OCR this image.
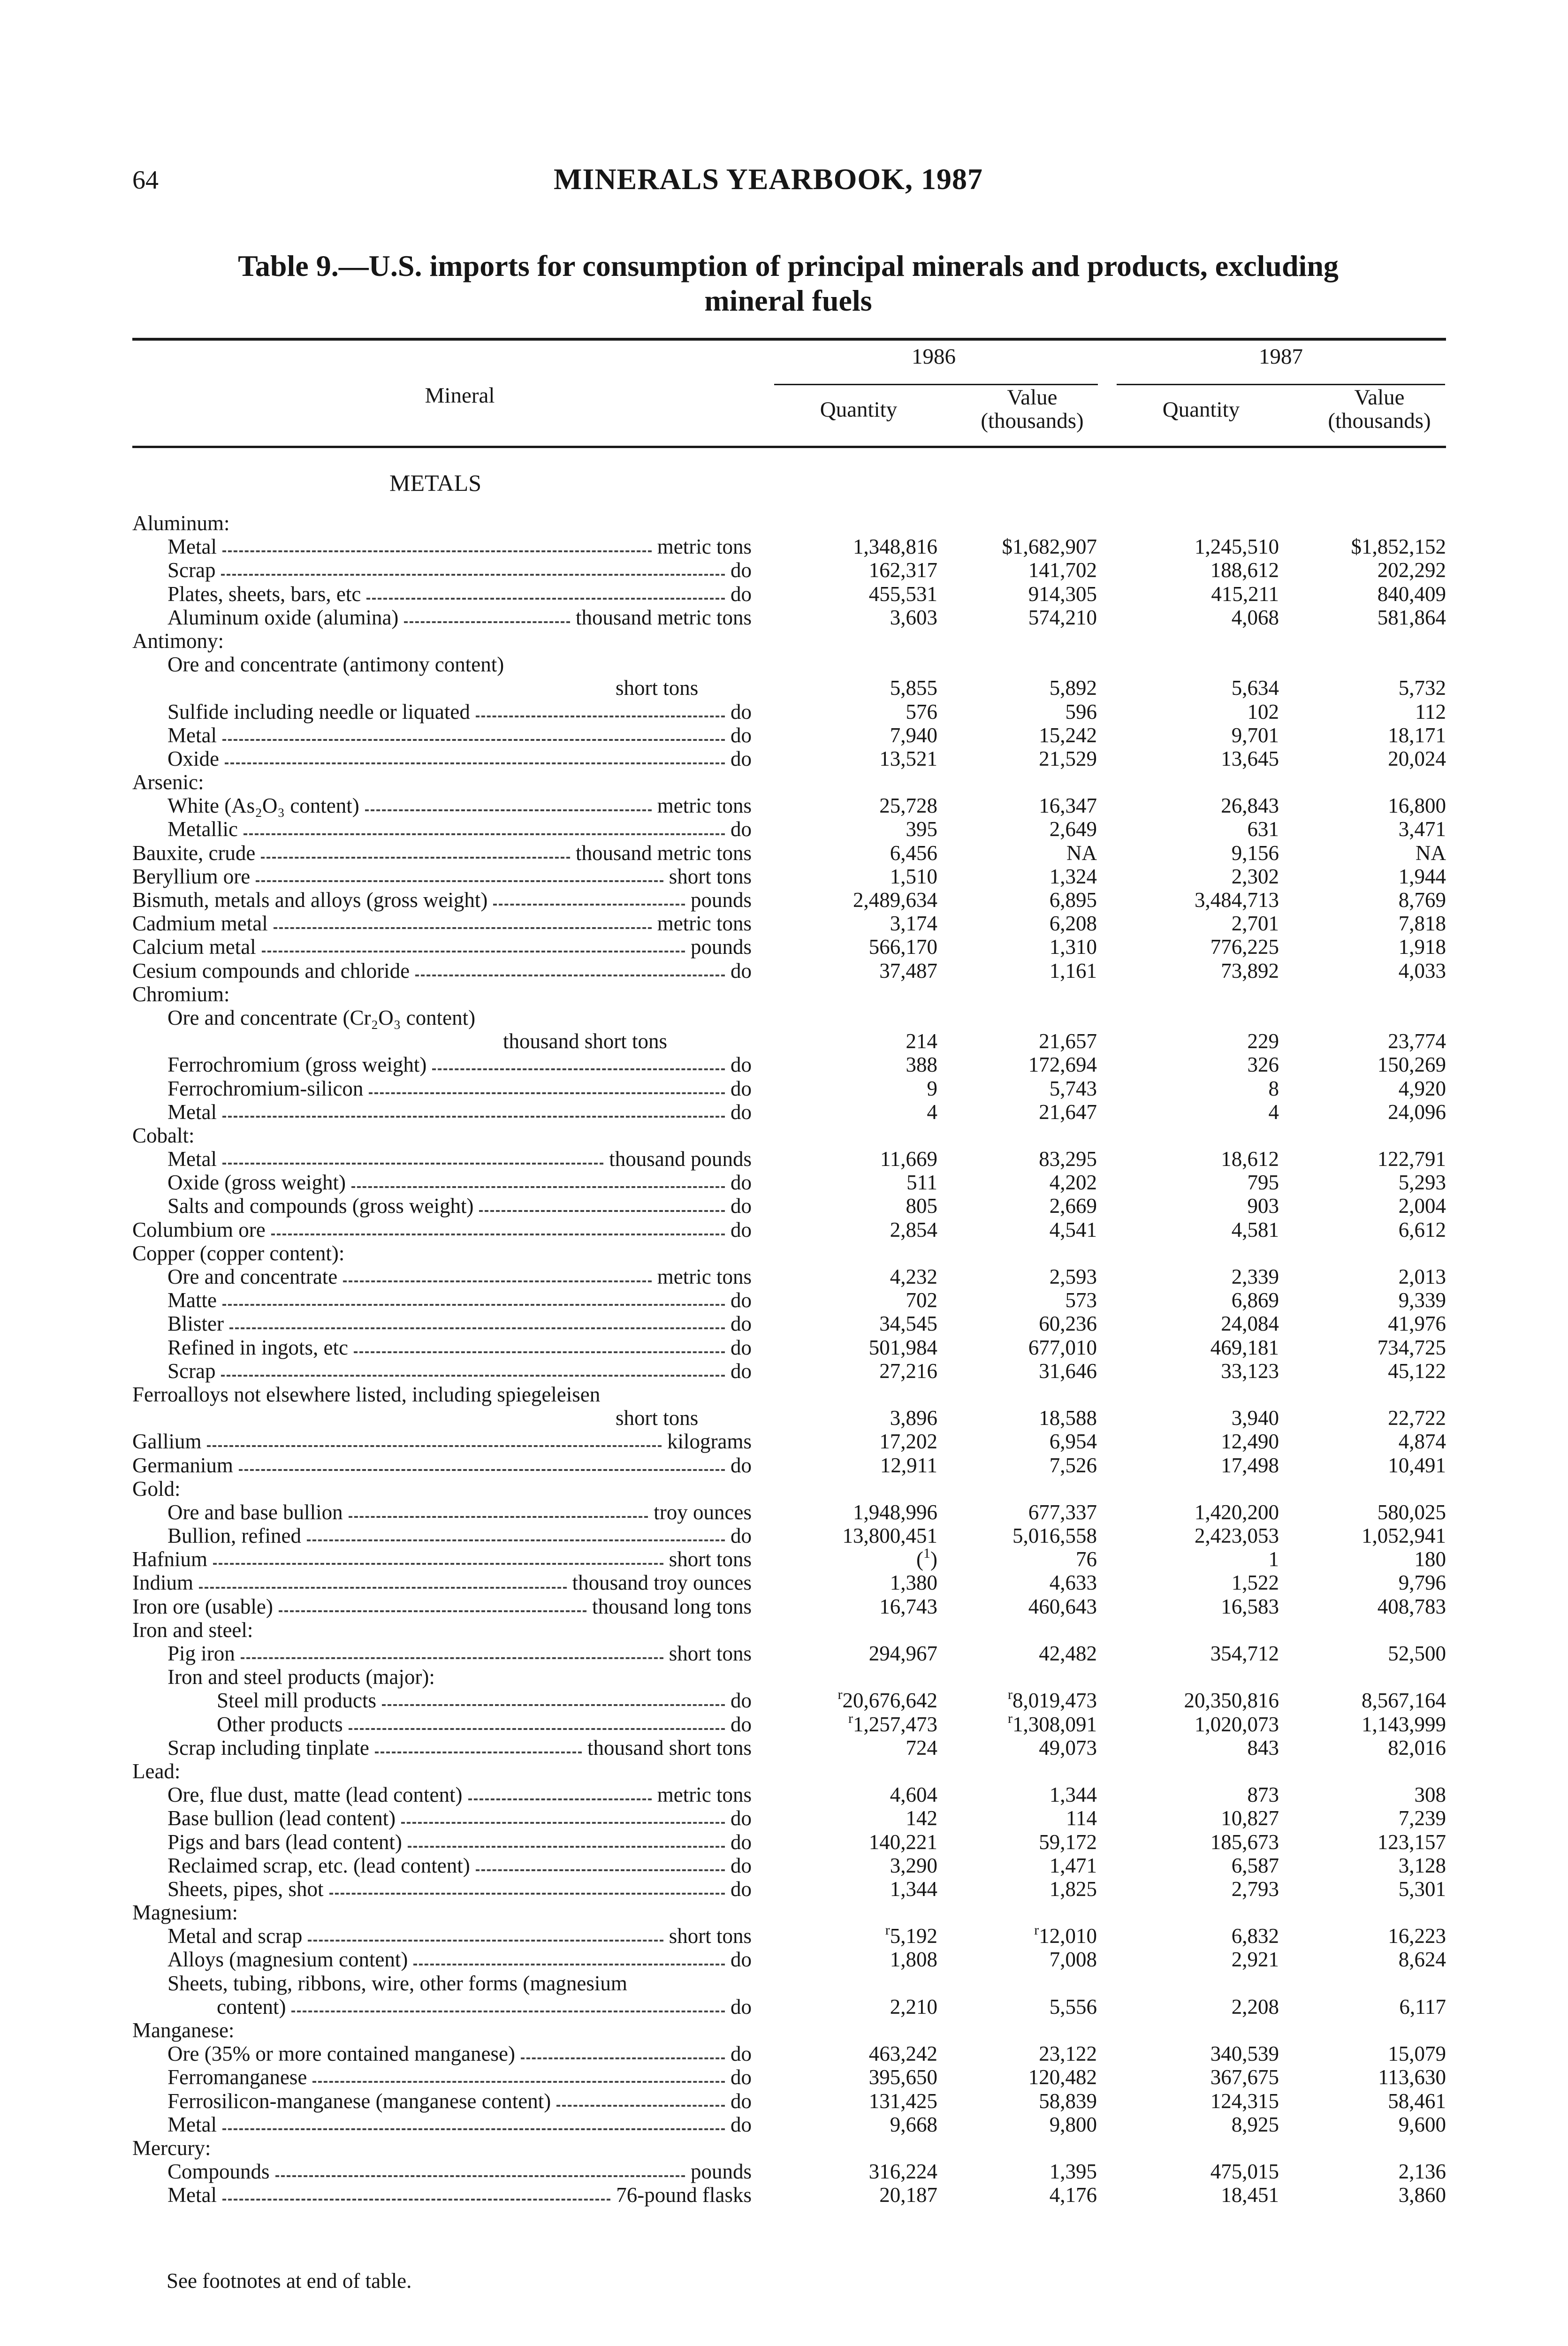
64	MINERALS YEARBOOK, 1987
Table 9.—U.S. imports for consumption of principal minerals and products, excluding
mineral fuels
Mineral
1986	1987
Quantity	Value
(thousands)	Quantity	Value
(thousands)
METALS
Aluminum:
Metal	metric tons	1,348,816	$1,682,907	1,245,510	$1,852,152
Scrap	do	162,317	141,702	188,612	202,292
Plates, sheets, bars, etc	do	455,531	914,305	415,211	840,409
Aluminum oxide (alumina)	thousand metric tons	3,603	574,210	4,068	581,864
Antimony:
Ore and concentrate (antimony content)
short tons	5,855	5,892	5,634	5,732
Sulfide including needle or liquated	do	576	596	102	112
Metal	do	7,940	15,242	9,701	18,171
Oxide	do	13,521	21,529	13,645	20,024
Arsenic:
White (As₂O₃ content)	metric tons	25,728	16,347	26,843	16,800
Metallic	do	395	2,649	631	3,471
Bauxite, crude	thousand metric tons	6,456	NA	9,156	NA
Beryllium ore	short tons	1,510	1,324	2,302	1,944
Bismuth, metals and alloys (gross weight)	pounds	2,489,634	6,895	3,484,713	8,769
Cadmium metal	metric tons	3,174	6,208	2,701	7,818
Calcium metal	pounds	566,170	1,310	776,225	1,918
Cesium compounds and chloride	do	37,487	1,161	73,892	4,033
Chromium:
Ore and concentrate (Cr₂O₃ content)
thousand short tons	214	21,657	229	23,774
Ferrochromium (gross weight)	do	388	172,694	326	150,269
Ferrochromium-silicon	do	9	5,743	8	4,920
Metal	do	4	21,647	4	24,096
Cobalt:
Metal	thousand pounds	11,669	83,295	18,612	122,791
Oxide (gross weight)	do	511	4,202	795	5,293
Salts and compounds (gross weight)	do	805	2,669	903	2,004
Columbium ore	do	2,854	4,541	4,581	6,612
Copper (copper content):
Ore and concentrate	metric tons	4,232	2,593	2,339	2,013
Matte	do	702	573	6,869	9,339
Blister	do	34,545	60,236	24,084	41,976
Refined in ingots, etc	do	501,984	677,010	469,181	734,725
Scrap	do	27,216	31,646	33,123	45,122
Ferroalloys not elsewhere listed, including spiegeleisen
short tons	3,896	18,588	3,940	22,722
Gallium	kilograms	17,202	6,954	12,490	4,874
Germanium	do	12,911	7,526	17,498	10,491
Gold:
Ore and base bullion	troy ounces	1,948,996	677,337	1,420,200	580,025
Bullion, refined	do	13,800,451	5,016,558	2,423,053	1,052,941
Hafnium	short tons	($^1$)	76	1	180
Indium	thousand troy ounces	1,380	4,633	1,522	9,796
Iron ore (usable)	thousand long tons	16,743	460,643	16,583	408,783
Iron and steel:
Pig iron	short tons	294,967	42,482	354,712	52,500
Iron and steel products (major):
Steel mill products	do	$^r$20,676,642	$^r$8,019,473	20,350,816	8,567,164
Other products	do	$^r$1,257,473	$^r$1,308,091	1,020,073	1,143,999
Scrap including tinplate	thousand short tons	724	49,073	843	82,016
Lead:
Ore, flue dust, matte (lead content)	metric tons	4,604	1,344	873	308
Base bullion (lead content)	do	142	114	10,827	7,239
Pigs and bars (lead content)	do	140,221	59,172	185,673	123,157
Reclaimed scrap, etc. (lead content)	do	3,290	1,471	6,587	3,128
Sheets, pipes, shot	do	1,344	1,825	2,793	5,301
Magnesium:
Metal and scrap	short tons	$^r$5,192	$^r$12,010	6,832	16,223
Alloys (magnesium content)	do	1,808	7,008	2,921	8,624
Sheets, tubing, ribbons, wire, other forms (magnesium
content)	do	2,210	5,556	2,208	6,117
Manganese:
Ore (35% or more contained manganese)	do	463,242	23,122	340,539	15,079
Ferromanganese	do	395,650	120,482	367,675	113,630
Ferrosilicon-manganese (manganese content)	do	131,425	58,839	124,315	58,461
Metal	do	9,668	9,800	8,925	9,600
Mercury:
Compounds	pounds	316,224	1,395	475,015	2,136
Metal	76-pound flasks	20,187	4,176	18,451	3,860
See footnotes at end of table.
